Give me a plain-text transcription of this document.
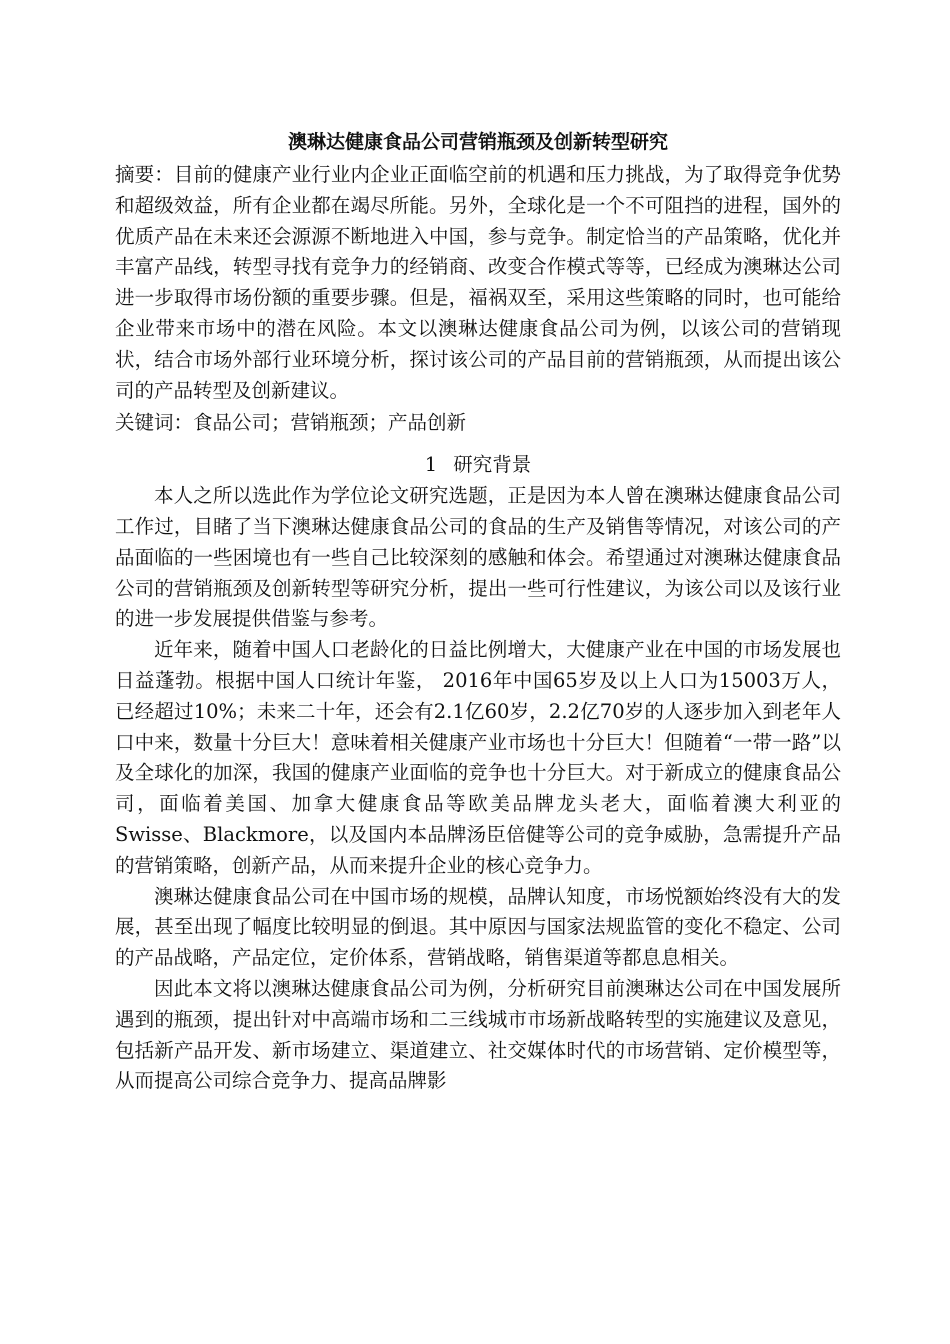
澳琳达健康食品公司营销瓶颈及创新转型研究

摘要：目前的健康产业行业内企业正面临空前的机遇和压力挑战，为了取得竞争优势和超级效益，所有企业都在竭尽所能。另外，全球化是一个不可阻挡的进程，国外的优质产品在未来还会源源不断地进入中国，参与竞争。制定恰当的产品策略，优化并丰富产品线，转型寻找有竞争力的经销商、改变合作模式等等，已经成为澳琳达公司进一步取得市场份额的重要步骤。但是，福祸双至，采用这些策略的同时，也可能给企业带来市场中的潜在风险。本文以澳琳达健康食品公司为例，以该公司的营销现状，结合市场外部行业环境分析，探讨该公司的产品目前的营销瓶颈，从而提出该公司的产品转型及创新建议。

关键词：食品公司；营销瓶颈；产品创新

1 研究背景

本人之所以选此作为学位论文研究选题，正是因为本人曾在澳琳达健康食品公司工作过，目睹了当下澳琳达健康食品公司的食品的生产及销售等情况，对该公司的产品面临的一些困境也有一些自己比较深刻的感触和体会。希望通过对澳琳达健康食品公司的营销瓶颈及创新转型等研究分析，提出一些可行性建议，为该公司以及该行业的进一步发展提供借鉴与参考。

近年来，随着中国人口老龄化的日益比例增大，大健康产业在中国的市场发展也日益蓬勃。根据中国人口统计年鉴， 2016年中国65岁及以上人口为15003万人，已经超过10%；未来二十年，还会有2.1亿60岁，2.2亿70岁的人逐步加入到老年人口中来，数量十分巨大！意味着相关健康产业市场也十分巨大！但随着“一带一路”以及全球化的加深，我国的健康产业面临的竞争也十分巨大。对于新成立的健康食品公司，面临着美国、加拿大健康食品等欧美品牌龙头老大，面临着澳大利亚的Swisse、Blackmore，以及国内本品牌汤臣倍健等公司的竞争威胁，急需提升产品的营销策略，创新产品，从而来提升企业的核心竞争力。

澳琳达健康食品公司在中国市场的规模，品牌认知度，市场悦额始终没有大的发展，甚至出现了幅度比较明显的倒退。其中原因与国家法规监管的变化不稳定、公司的产品战略，产品定位，定价体系，营销战略，销售渠道等都息息相关。

因此本文将以澳琳达健康食品公司为例，分析研究目前澳琳达公司在中国发展所遇到的瓶颈，提出针对中高端市场和二三线城市市场新战略转型的实施建议及意见，包括新产品开发、新市场建立、渠道建立、社交媒体时代的市场营销、定价模型等，从而提高公司综合竞争力、提高品牌影
